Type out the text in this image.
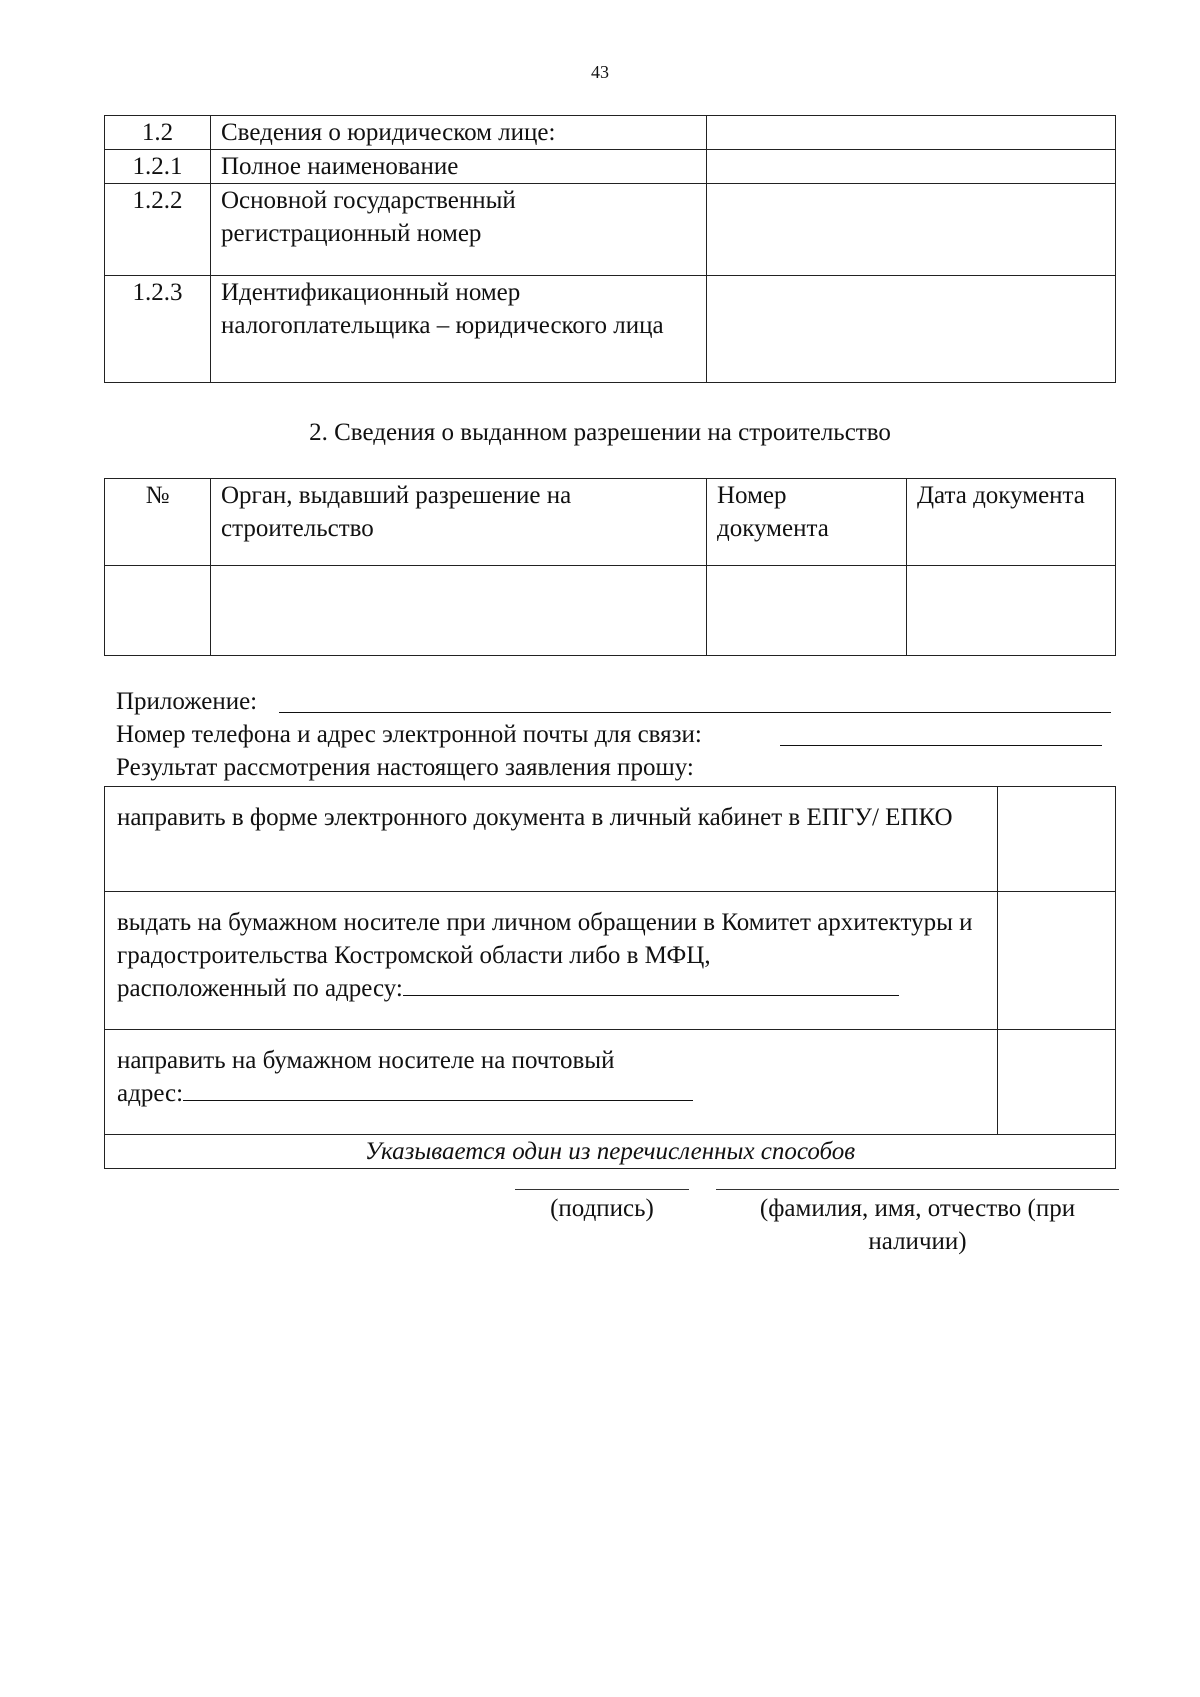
43
1.2	Сведения о юридическом лице:	
1.2.1	Полное наименование	
1.2.2	Основной государственный регистрационный номер	
1.2.3	Идентификационный номер налогоплательщика – юридического лица	
2. Сведения о выданном разрешении на строительство
№	Орган, выдавший разрешение на строительство	Номер документа	Дата документа

Приложение:
Номер телефона и адрес электронной почты для связи:
Результат рассмотрения настоящего заявления прошу:
направить в форме электронного документа в личный кабинет в ЕПГУ/ ЕПКО	
выдать на бумажном носителе при личном обращении в Комитет архитектуры и градостроительства Костромской области либо в МФЦ,
расположенный по адресу:	
направить на бумажном носителе на почтовый
адрес:	
Указывается один из перечисленных способов	
(подпись)	(фамилия, имя, отчество (при наличии)
